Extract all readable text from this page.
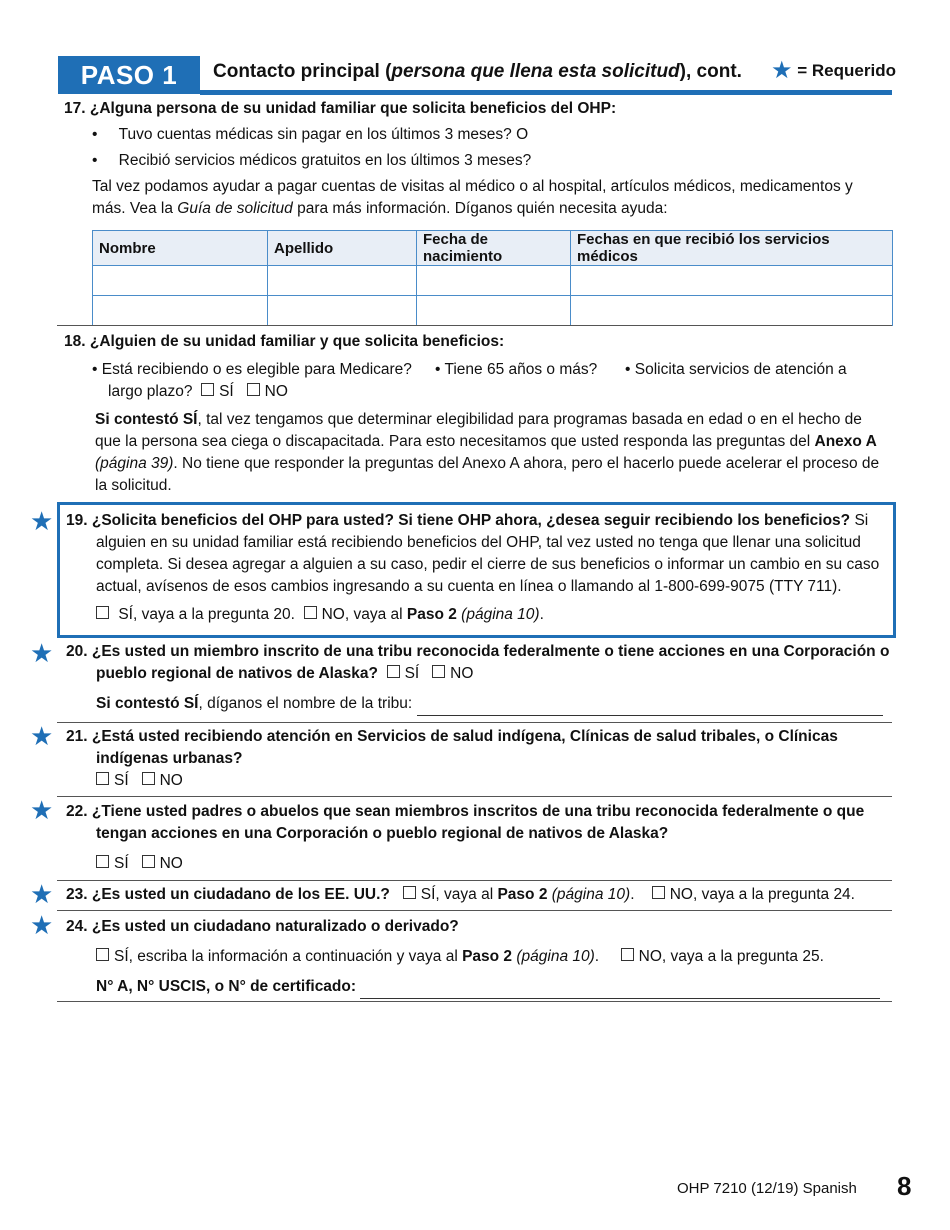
PASO 1	Contacto principal (persona que llena esta solicitud), cont. ★ = Requerido
17. ¿Alguna persona de su unidad familiar que solicita beneficios del OHP:
• Tuvo cuentas médicas sin pagar en los últimos 3 meses? O
• Recibió servicios médicos gratuitos en los últimos 3 meses?
Tal vez podamos ayudar a pagar cuentas de visitas al médico o al hospital, artículos médicos, medicamentos y
más. Vea la Guía de solicitud para más información. Díganos quién necesita ayuda:
Nombre	Apellido	Fecha de nacimiento	Fechas en que recibió los servicios médicos

18. ¿Alguien de su unidad familiar y que solicita beneficios:
• Está recibiendo o es elegible para Medicare? • Tiene 65 años o más? • Solicita servicios de atención a
largo plazo? SÍ NO
Si contestó SÍ, tal vez tengamos que determinar elegibilidad para programas basada en edad o en el hecho de
que la persona sea ciega o discapacitada. Para esto necesitamos que usted responda las preguntas del Anexo A
(página 39). No tiene que responder la preguntas del Anexo A ahora, pero el hacerlo puede acelerar el proceso de
la solicitud.
★ 19. ¿Solicita beneficios del OHP para usted? Si tiene OHP ahora, ¿desea seguir recibiendo los beneficios? Si
alguien en su unidad familiar está recibiendo beneficios del OHP, tal vez usted no tenga que llenar una solicitud
completa. Si desea agregar a alguien a su caso, pedir el cierre de sus beneficios o informar un cambio en su caso
actual, avísenos de esos cambios ingresando a su cuenta en línea o llamando al 1-800-699-9075 (TTY 711).
SÍ, vaya a la pregunta 20. NO, vaya al Paso 2 (página 10).
★ 20. ¿Es usted un miembro inscrito de una tribu reconocida federalmente o tiene acciones en una Corporación o
pueblo regional de nativos de Alaska? SÍ NO
Si contestó SÍ, díganos el nombre de la tribu:
★ 21. ¿Está usted recibiendo atención en Servicios de salud indígena, Clínicas de salud tribales, o Clínicas
indígenas urbanas?
SÍ NO
★ 22. ¿Tiene usted padres o abuelos que sean miembros inscritos de una tribu reconocida federalmente o que
tengan acciones en una Corporación o pueblo regional de nativos de Alaska?
SÍ NO
★ 23. ¿Es usted un ciudadano de los EE. UU.? SÍ, vaya al Paso 2 (página 10). NO, vaya a la pregunta 24.
★ 24. ¿Es usted un ciudadano naturalizado o derivado?
SÍ, escriba la información a continuación y vaya al Paso 2 (página 10).	NO, vaya a la pregunta 25.
N° A, N° USCIS, o N° de certificado:
OHP 7210 (12/19) Spanish 8
